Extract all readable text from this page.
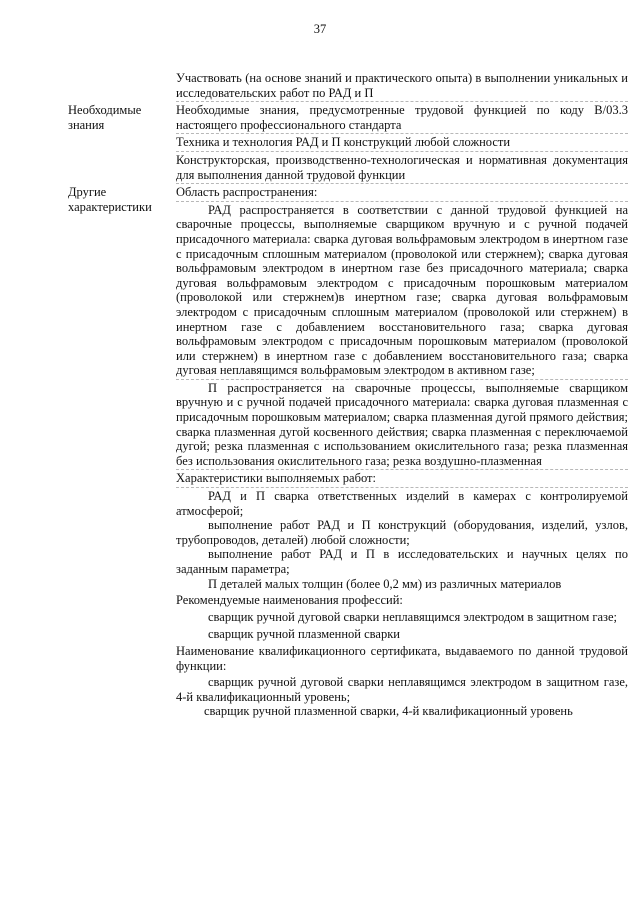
37
Участвовать (на основе знаний и практического опыта) в выполнении уникальных и исследовательских работ по РАД и П
Необходимые знания
Необходимые знания, предусмотренные трудовой функцией по коду В/03.3 настоящего профессионального стандарта
Техника и технология РАД и П конструкций любой сложности
Конструкторская, производственно-технологическая и нормативная документация для выполнения данной трудовой функции
Другие характеристики
Область распространения:
РАД распространяется в соответствии с данной трудовой функцией на сварочные процессы, выполняемые сварщиком вручную и с ручной подачей присадочного материала: сварка дуговая вольфрамовым электродом в инертном газе с присадочным сплошным материалом (проволокой или стержнем); сварка дуговая вольфрамовым электродом в инертном газе без присадочного материала; сварка дуговая вольфрамовым электродом с присадочным порошковым материалом (проволокой или стержнем)в инертном газе; сварка дуговая вольфрамовым электродом с присадочным сплошным материалом (проволокой или стержнем) в инертном газе с добавлением восстановительного газа; сварка дуговая вольфрамовым электродом с присадочным порошковым материалом (проволокой или стержнем) в инертном газе с добавлением восстановительного газа; сварка дуговая неплавящимся вольфрамовым электродом в активном газе;
П распространяется на сварочные процессы, выполняемые сварщиком вручную и с ручной подачей присадочного материала: сварка дуговая плазменная с присадочным порошковым материалом; сварка плазменная дугой прямого действия; сварка плазменная дугой косвенного действия; сварка плазменная с переключаемой дугой; резка плазменная с использованием окислительного газа; резка плазменная без использования окислительного газа; резка воздушно-плазменная
Характеристики выполняемых работ:
РАД и П сварка ответственных изделий в камерах с контролируемой атмосферой;
выполнение работ РАД и П конструкций (оборудования, изделий, узлов, трубопроводов, деталей) любой сложности;
выполнение работ РАД и П в исследовательских и научных целях по заданным параметра;
П деталей малых толщин (более 0,2 мм) из различных материалов
Рекомендуемые наименования профессий:
сварщик ручной дуговой сварки неплавящимся электродом в защитном газе;
сварщик ручной плазменной сварки
Наименование квалификационного сертификата, выдаваемого по данной трудовой функции:
сварщик ручной дуговой сварки неплавящимся электродом в защитном газе, 4-й квалификационный уровень;
сварщик ручной плазменной сварки, 4-й квалификационный уровень
